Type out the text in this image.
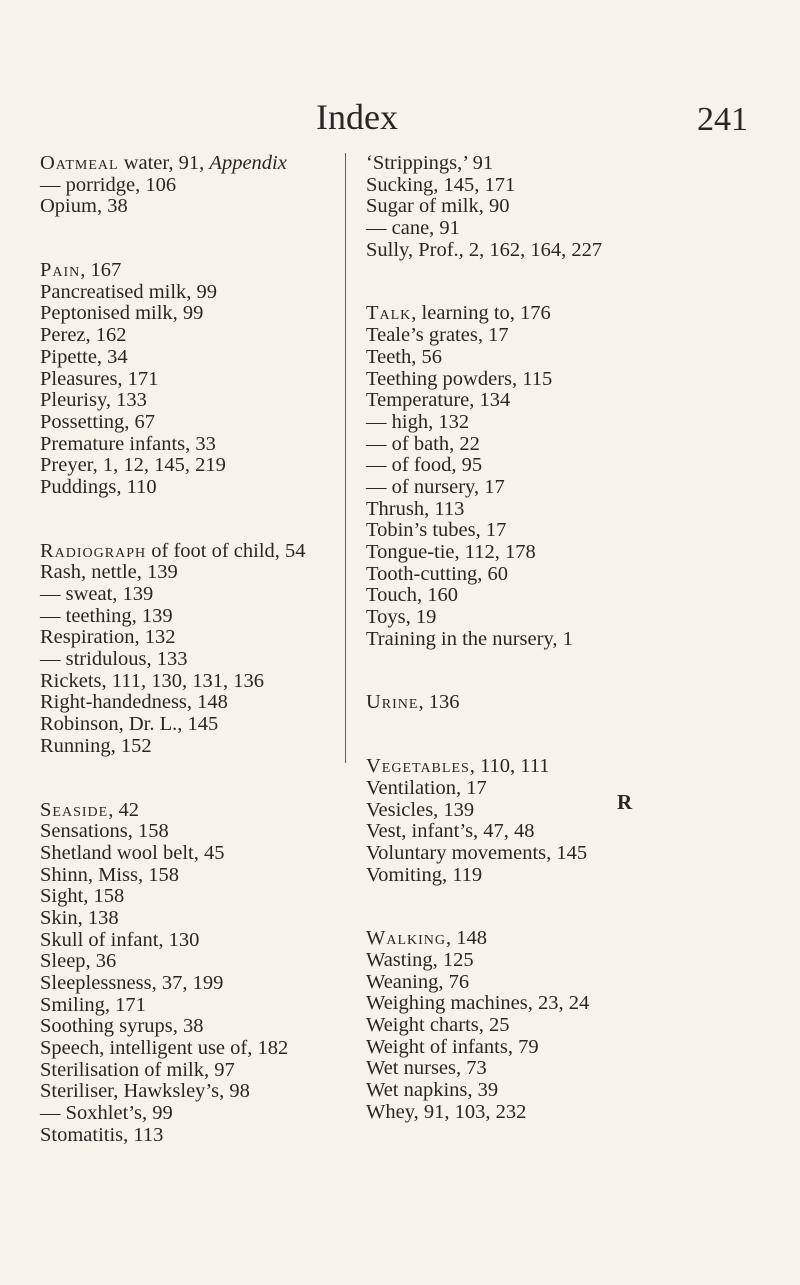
Index	241
Oatmeal water, 91, Appendix
— porridge, 106
Opium, 38
Pain, 167
Pancreatised milk, 99
Peptonised milk, 99
Perez, 162
Pipette, 34
Pleasures, 171
Pleurisy, 133
Possetting, 67
Premature infants, 33
Preyer, 1, 12, 145, 219
Puddings, 110
Radiograph of foot of child, 54
Rash, nettle, 139
— sweat, 139
— teething, 139
Respiration, 132
— stridulous, 133
Rickets, 111, 130, 131, 136
Right-handedness, 148
Robinson, Dr. L., 145
Running, 152
Seaside, 42
Sensations, 158
Shetland wool belt, 45
Shinn, Miss, 158
Sight, 158
Skin, 138
Skull of infant, 130
Sleep, 36
Sleeplessness, 37, 199
Smiling, 171
Soothing syrups, 38
Speech, intelligent use of, 182
Sterilisation of milk, 97
Steriliser, Hawksley’s, 98
— Soxhlet’s, 99
Stomatitis, 113
‘Strippings,’ 91
Sucking, 145, 171
Sugar of milk, 90
— cane, 91
Sully, Prof., 2, 162, 164, 227
Talk, learning to, 176
Teale’s grates, 17
Teeth, 56
Teething powders, 115
Temperature, 134
— high, 132
— of bath, 22
— of food, 95
— of nursery, 17
Thrush, 113
Tobin’s tubes, 17
Tongue-tie, 112, 178
Tooth-cutting, 60
Touch, 160
Toys, 19
Training in the nursery, 1
Urine, 136
Vegetables, 110, 111
Ventilation, 17
Vesicles, 139
Vest, infant’s, 47, 48
Voluntary movements, 145
Vomiting, 119
Walking, 148
Wasting, 125
Weaning, 76
Weighing machines, 23, 24
Weight charts, 25
Weight of infants, 79
Wet nurses, 73
Wet napkins, 39
Whey, 91, 103, 232
R
